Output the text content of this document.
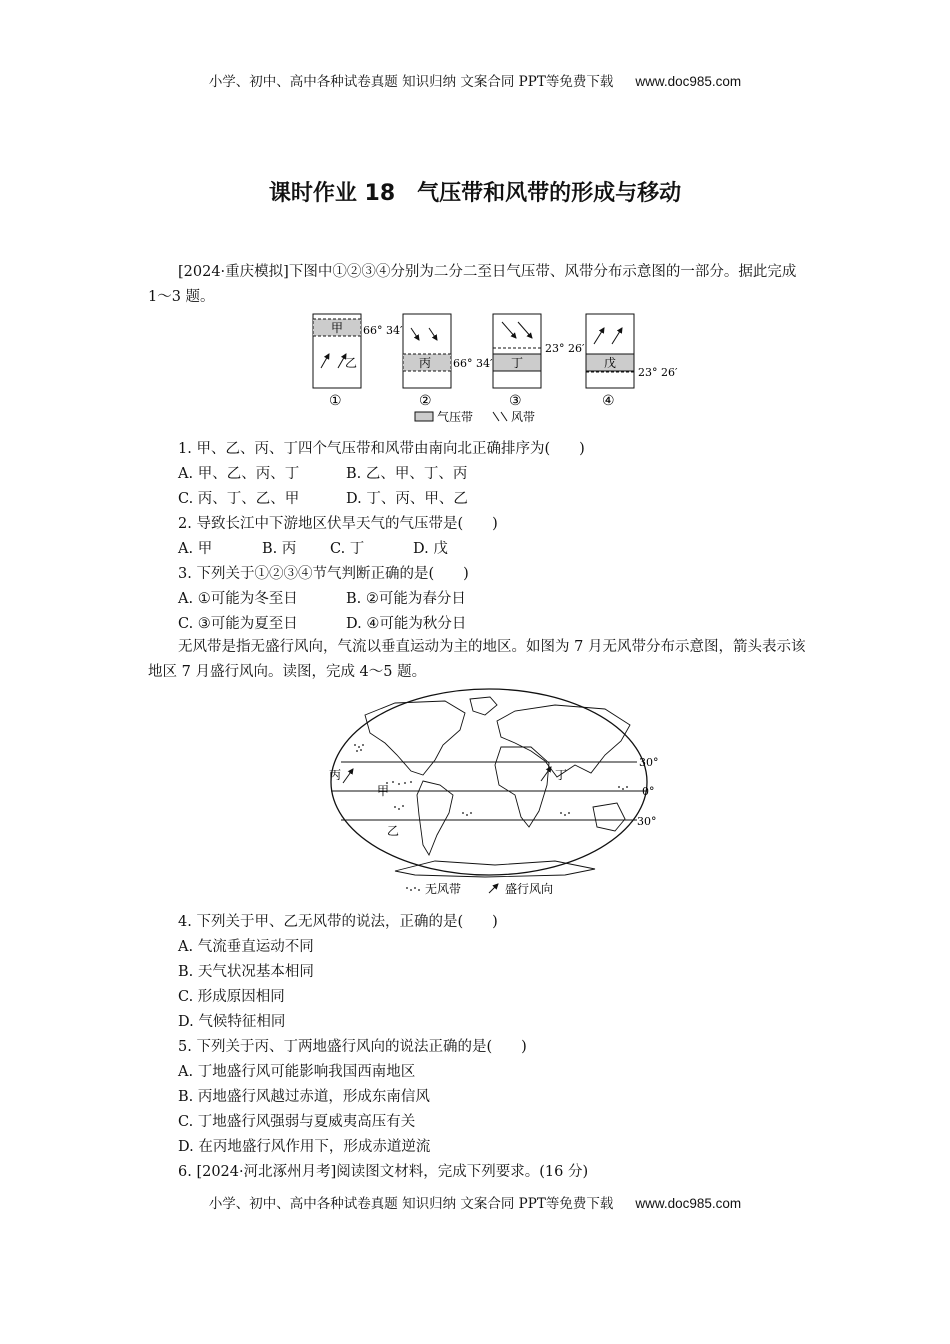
小学、初中、高中各种试卷真题 知识归纳 文案合同 PPT等免费下载 www.doc985.com
课时作业 18　气压带和风带的形成与移动
[2024·重庆模拟]下图中①②③④分别为二分二至日气压带、风带分布示意图的一部分。据此完成 1～3 题。
甲 66° 34′
乙
①
丙 66° 34′
②
丁
23° 26′
③
戊
23° 26′
④
气压带	风带
1. 甲、乙、丙、丁四个气压带和风带由南向北正确排序为(　　)
A. 甲、乙、丙、丁	B. 乙、甲、丁、丙
C. 丙、丁、乙、甲	D. 丁、丙、甲、乙
2. 导致长江中下游地区伏旱天气的气压带是(　　)
A. 甲	B. 丙 C. 丁	D. 戊
3. 下列关于①②③④节气判断正确的是(　　)
A. ①可能为冬至日	B. ②可能为春分日
C. ③可能为夏至日	D. ④可能为秋分日
无风带是指无盛行风向，气流以垂直运动为主的地区。如图为 7 月无风带分布示意图，箭头表示该地区 7 月盛行风向。读图，完成 4～5 题。
30°
0°
30°
丙
甲
乙
丁
无风带	盛行风向
4. 下列关于甲、乙无风带的说法，正确的是(　　)
A. 气流垂直运动不同
B. 天气状况基本相同
C. 形成原因相同
D. 气候特征相同
5. 下列关于丙、丁两地盛行风向的说法正确的是(　　)
A. 丁地盛行风可能影响我国西南地区
B. 丙地盛行风越过赤道，形成东南信风
C. 丁地盛行风强弱与夏威夷高压有关
D. 在丙地盛行风作用下，形成赤道逆流
6. [2024·河北涿州月考]阅读图文材料，完成下列要求。(16 分)
小学、初中、高中各种试卷真题 知识归纳 文案合同 PPT等免费下载 www.doc985.com
